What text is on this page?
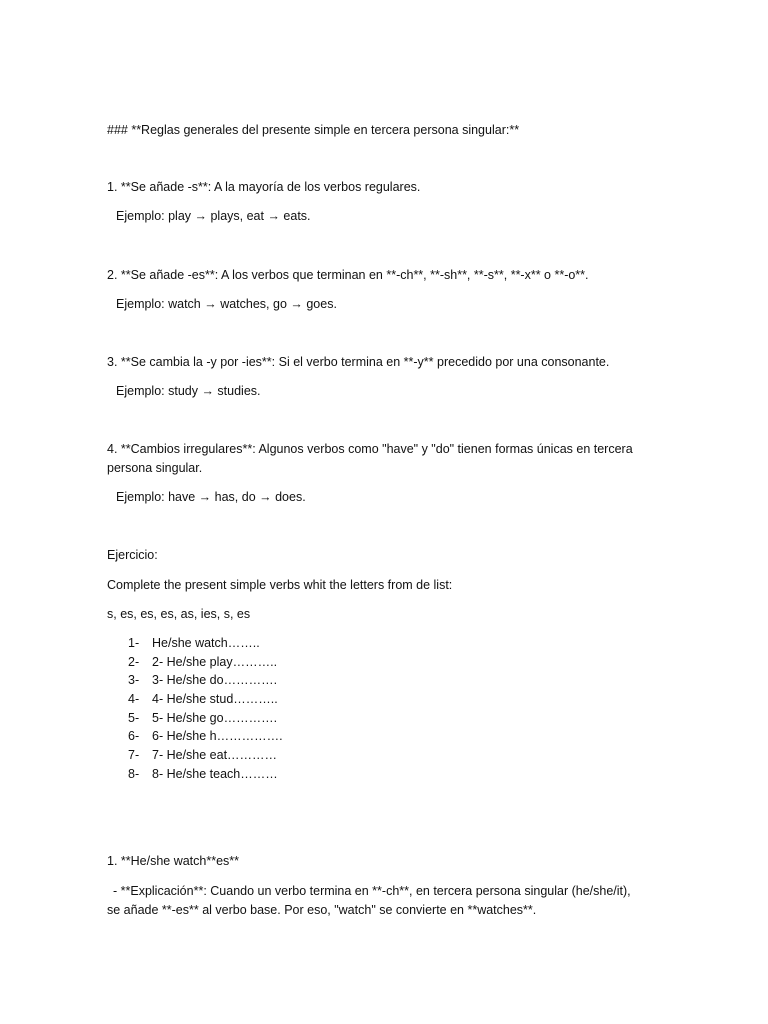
### **Reglas generales del presente simple en tercera persona singular:**
1. **Se añade -s**: A la mayoría de los verbos regulares.
Ejemplo: play → plays, eat → eats.
2. **Se añade -es**: A los verbos que terminan en **-ch**, **-sh**, **-s**, **-x** o **-o**.
Ejemplo: watch → watches, go → goes.
3. **Se cambia la -y por -ies**: Si el verbo termina en **-y** precedido por una consonante.
Ejemplo: study → studies.
4. **Cambios irregulares**: Algunos verbos como "have" y "do" tienen formas únicas en tercera
persona singular.
Ejemplo: have → has, do → does.
Ejercicio:
Complete the present simple verbs whit the letters from de list:
s, es, es, es, as, ies, s, es
1- He/she watch……..
2- 2- He/she play………..
3- 3- He/she do………….
4- 4- He/she stud………..
5- 5- He/she go………….
6- 6- He/she h…………….
7- 7- He/she eat…………
8- 8- He/she teach………
1. **He/she watch**es**
- **Explicación**: Cuando un verbo termina en **-ch**, en tercera persona singular (he/she/it),
se añade **-es** al verbo base. Por eso, "watch" se convierte en **watches**.
